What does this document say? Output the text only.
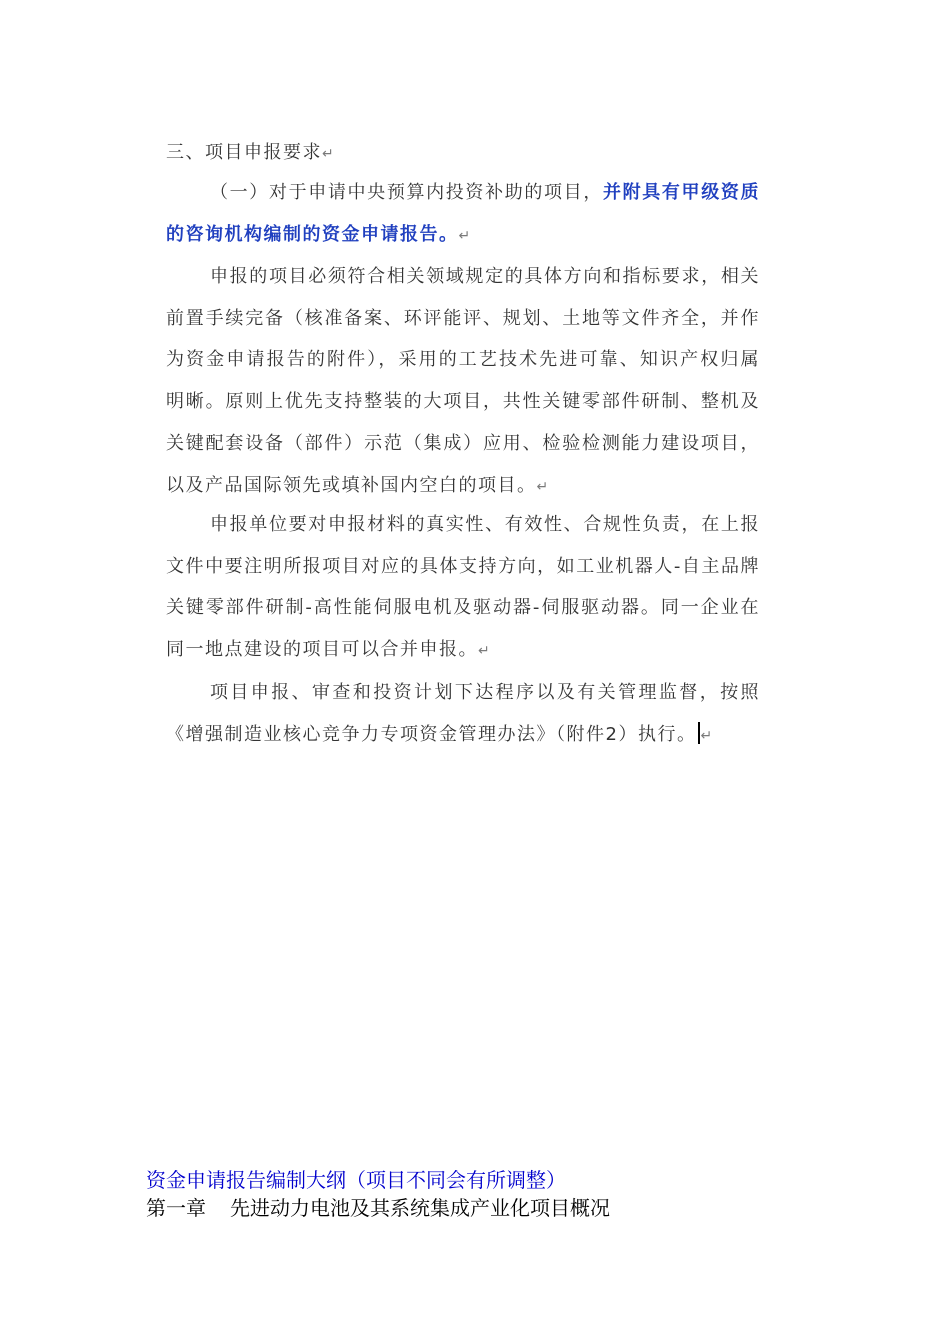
三、项目申报要求↵
（一）对于申请中央预算内投资补助的项目，并附具有甲级资质的咨询机构编制的资金申请报告。↵
申报的项目必须符合相关领域规定的具体方向和指标要求，相关前置手续完备（核准备案、环评能评、规划、土地等文件齐全，并作为资金申请报告的附件），采用的工艺技术先进可靠、知识产权归属明晰。原则上优先支持整装的大项目，共性关键零部件研制、整机及关键配套设备（部件）示范（集成）应用、检验检测能力建设项目，以及产品国际领先或填补国内空白的项目。↵
申报单位要对申报材料的真实性、有效性、合规性负责，在上报文件中要注明所报项目对应的具体支持方向，如工业机器人-自主品牌关键零部件研制-高性能伺服电机及驱动器-伺服驱动器。同一企业在同一地点建设的项目可以合并申报。↵
项目申报、审查和投资计划下达程序以及有关管理监督，按照《增强制造业核心竞争力专项资金管理办法》（附件2）执行。 ↵
资金申请报告编制大纲（项目不同会有所调整）
第一章 先进动力电池及其系统集成产业化项目概况
